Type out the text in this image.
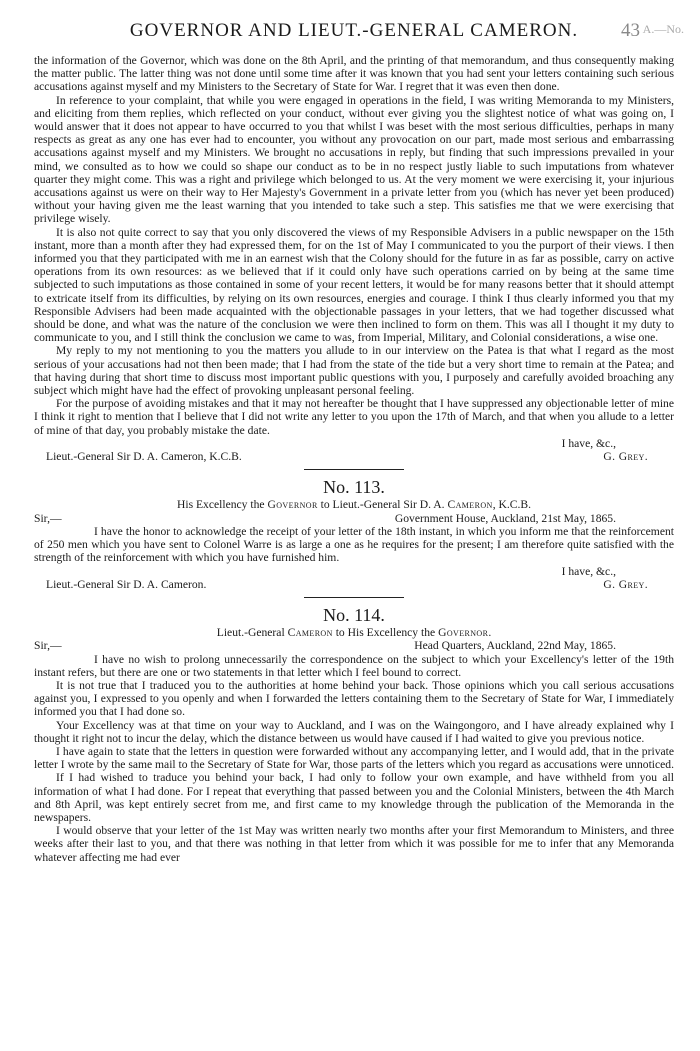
GOVERNOR AND LIEUT.-GENERAL CAMERON.	43 A.—No.

the information of the Governor, which was done on the 8th April, and the printing of that memorandum, and thus consequently making the matter public. The latter thing was not done until some time after it was known that you had sent your letters containing such serious accusations against myself and my Ministers to the Secretary of State for War. I regret that it was even then done.

In reference to your complaint, that while you were engaged in operations in the field, I was writing Memoranda to my Ministers, and eliciting from them replies, which reflected on your conduct, without ever giving you the slightest notice of what was going on, I would answer that it does not appear to have occurred to you that whilst I was beset with the most serious difficulties, perhaps in many respects as great as any one has ever had to encounter, you without any provocation on our part, made most serious and embarrassing accusations against myself and my Ministers. We brought no accusations in reply, but finding that such impressions prevailed in your mind, we consulted as to how we could so shape our conduct as to be in no respect justly liable to such imputations from whatever quarter they might come. This was a right and privilege which belonged to us. At the very moment we were exercising it, your injurious accusations against us were on their way to Her Majesty's Government in a private letter from you (which has never yet been produced) without your having given me the least warning that you intended to take such a step. This satisfies me that we were exercising that privilege wisely.

It is also not quite correct to say that you only discovered the views of my Responsible Advisers in a public newspaper on the 15th instant, more than a month after they had expressed them, for on the 1st of May I communicated to you the purport of their views. I then informed you that they participated with me in an earnest wish that the Colony should for the future in as far as possible, carry on active operations from its own resources: as we believed that if it could only have such operations carried on by being at the same time subjected to such imputations as those contained in some of your recent letters, it would be for many reasons better that it should attempt to extricate itself from its difficulties, by relying on its own resources, energies and courage. I think I thus clearly informed you that my Responsible Advisers had been made acquainted with the objectionable passages in your letters, that we had together discussed what should be done, and what was the nature of the conclusion we were then inclined to form on them. This was all I thought it my duty to communicate to you, and I still think the conclusion we came to was, from Imperial, Military, and Colonial considerations, a wise one.

My reply to my not mentioning to you the matters you allude to in our interview on the Patea is that what I regard as the most serious of your accusations had not then been made; that I had from the state of the tide but a very short time to remain at the Patea; and that having during that short time to discuss most important public questions with you, I purposely and carefully avoided broaching any subject which might have had the effect of provoking unpleasant personal feeling.

For the purpose of avoiding mistakes and that it may not hereafter be thought that I have suppressed any objectionable letter of mine I think it right to mention that I believe that I did not write any letter to you upon the 17th of March, and that when you allude to a letter of mine of that day, you probably mistake the date.

I have, &c.,
Lieut.-General Sir D. A. Cameron, K.C.B.	G. Grey.
No. 113.
His Excellency the Governor to Lieut.-General Sir D. A. Cameron, K.C.B.
Government House, Auckland, 21st May, 1865.
Sir,—

I have the honor to acknowledge the receipt of your letter of the 18th instant, in which you inform me that the reinforcement of 250 men which you have sent to Colonel Warre is as large a one as he requires for the present; I am therefore quite satisfied with the strength of the reinforcement with which you have furnished him.

I have, &c.,
Lieut.-General Sir D. A. Cameron.	G. Grey.
No. 114.
Lieut.-General Cameron to His Excellency the Governor.
Head Quarters, Auckland, 22nd May, 1865.
Sir,—

I have no wish to prolong unnecessarily the correspondence on the subject to which your Excellency's letter of the 19th instant refers, but there are one or two statements in that letter which I feel bound to correct.

It is not true that I traduced you to the authorities at home behind your back. Those opinions which you call serious accusations against you, I expressed to you openly and when I forwarded the letters containing them to the Secretary of State for War, I immediately informed you that I had done so.

Your Excellency was at that time on your way to Auckland, and I was on the Waingongoro, and I have already explained why I thought it right not to incur the delay, which the distance between us would have caused if I had waited to give you previous notice.

I have again to state that the letters in question were forwarded without any accompanying letter, and I would add, that in the private letter I wrote by the same mail to the Secretary of State for War, those parts of the letters which you regard as accusations were unnoticed.

If I had wished to traduce you behind your back, I had only to follow your own example, and have withheld from you all information of what I had done. For I repeat that everything that passed between you and the Colonial Ministers, between the 4th March and 8th April, was kept entirely secret from me, and first came to my knowledge through the publication of the Memoranda in the newspapers.

I would observe that your letter of the 1st May was written nearly two months after your first Memorandum to Ministers, and three weeks after their last to you, and that there was nothing in that letter from which it was possible for me to infer that any Memoranda whatever affecting me had ever
